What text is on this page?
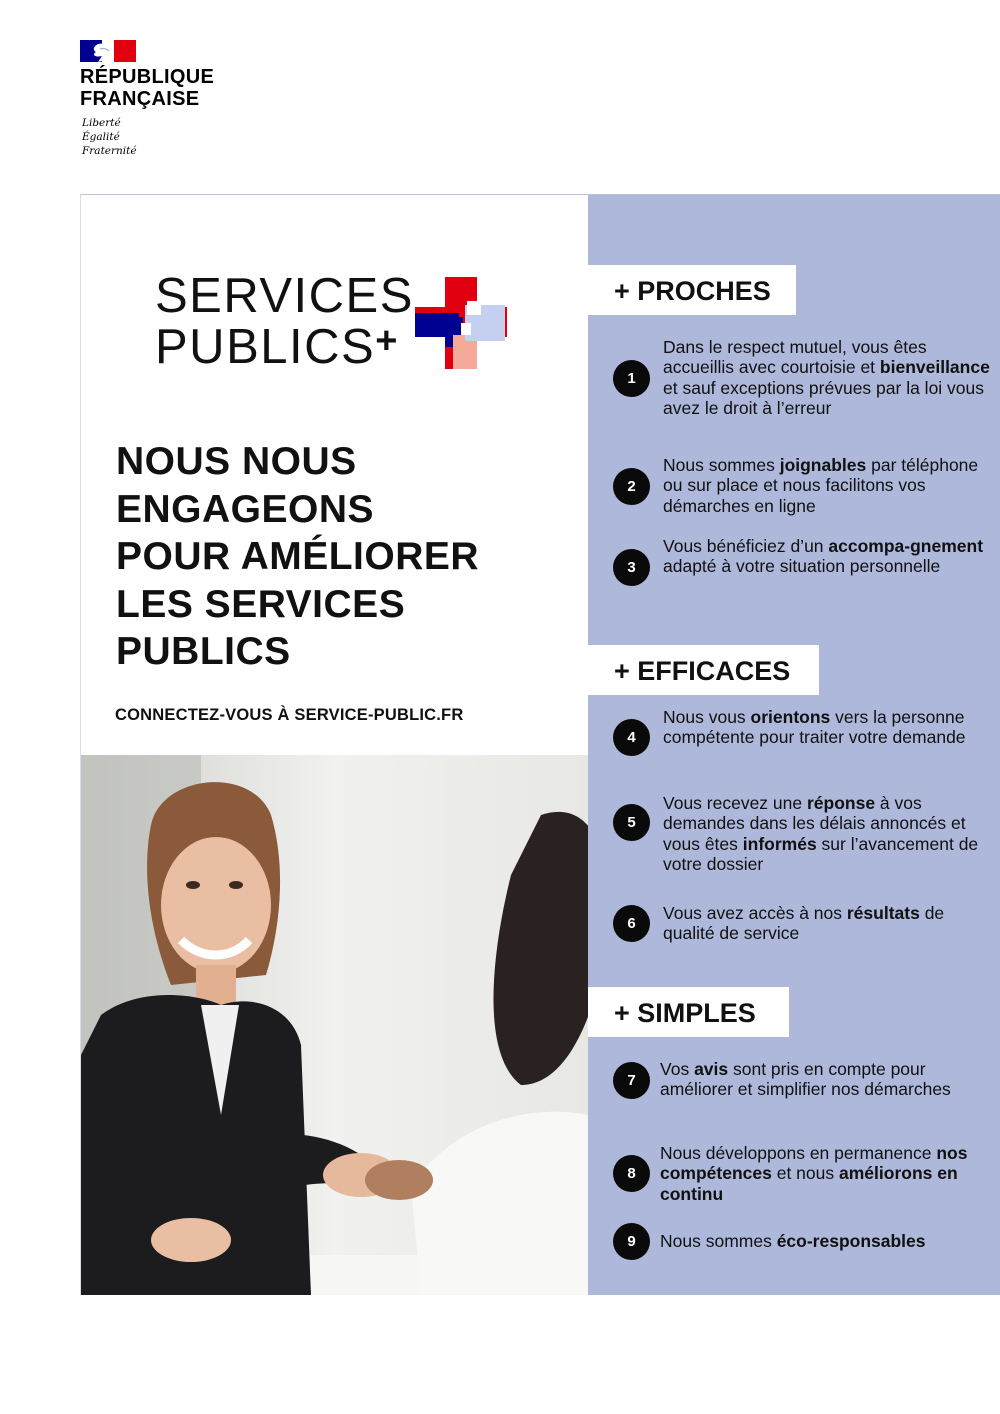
RÉPUBLIQUE
FRANÇAISE
Liberté
Égalité
Fraternité
SERVICES
PUBLICS+
NOUS NOUS
ENGAGEONS
POUR AMÉLIORER
LES SERVICES
PUBLICS
CONNECTEZ-VOUS À SERVICE-PUBLIC.FR
+ PROCHES
1
Dans le respect mutuel, vous êtes accueillis avec courtoisie et bienveillance et sauf exceptions prévues par la loi vous avez le droit à l’erreur
2
Nous sommes joignables par téléphone ou sur place et nous facilitons vos démarches en ligne
3
Vous bénéficiez d’un accompa-gnement adapté à votre situation personnelle
+ EFFICACES
4
Nous vous orientons vers la personne compétente pour traiter votre demande
5
Vous recevez une réponse à vos demandes dans les délais annoncés et vous êtes informés sur l’avancement de votre dossier
6
Vous avez accès à nos résultats de qualité de service
+ SIMPLES
7
Vos avis sont pris en compte pour améliorer et simplifier nos démarches
8
Nous développons en permanence nos compétences et nous améliorons en continu
9	Nous sommes éco-responsables
